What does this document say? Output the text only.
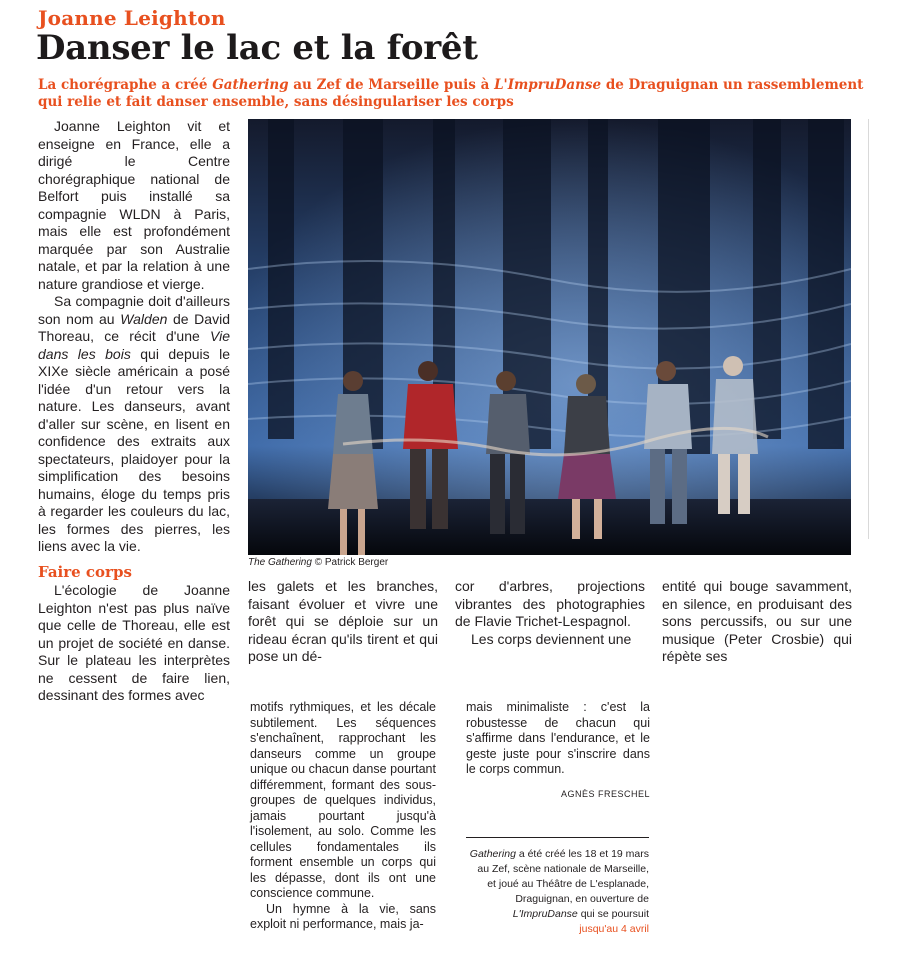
Joanne Leighton
Danser le lac et la forêt
La chorégraphe a créé Gathering au Zef de Marseille puis à L'ImpruDanse de Draguignan un rassemblement qui relie et fait danser ensemble, sans désingulariser les corps

Joanne Leighton vit et enseigne en France, elle a dirigé le Centre chorégraphique national de Belfort puis installé sa compagnie WLDN à Paris, mais elle est profondément marquée par son Australie natale, et par la relation à une nature grandiose et vierge.

Sa compagnie doit d'ailleurs son nom au Walden de David Thoreau, ce récit d'une Vie dans les bois qui depuis le XIXe siècle américain a posé l'idée d'un retour vers la nature. Les danseurs, avant d'aller sur scène, en lisent en confidence des extraits aux spectateurs, plaidoyer pour la simplification des besoins humains, éloge du temps pris à regarder les couleurs du lac, les formes des pierres, les liens avec la vie.

Faire corps

L'écologie de Joanne Leighton n'est pas plus naïve que celle de Thoreau, elle est un projet de société en danse. Sur le plateau les interprètes ne cessent de faire lien, dessinant des formes avec

The Gathering © Patrick Berger

les galets et les branches, faisant évoluer et vivre une forêt qui se déploie sur un rideau écran qu'ils tirent et qui pose un dé-

cor d'arbres, projections vibrantes des photographies de Flavie Trichet-Lespagnol.

Les corps deviennent une

entité qui bouge savamment, en silence, en produisant des sons percussifs, ou sur une musique (Peter Crosbie) qui répète ses

motifs rythmiques, et les décale subtilement. Les séquences s'enchaînent, rapprochant les danseurs comme un groupe unique ou chacun danse pourtant différemment, formant des sous-groupes de quelques individus, jamais pourtant jusqu'à l'isolement, au solo. Comme les cellules fondamentales ils forment ensemble un corps qui les dépasse, dont ils ont une conscience commune.

Un hymne à la vie, sans exploit ni performance, mais ja-

mais minimaliste : c'est la robustesse de chacun qui s'affirme dans l'endurance, et le geste juste pour s'inscrire dans le corps commun.

AGNÈS FRESCHEL
Gathering a été créé les 18 et 19 mars au Zef, scène nationale de Marseille, et joué au Théâtre de L'esplanade, Draguignan, en ouverture de L'ImpruDanse qui se poursuit
jusqu'au 4 avril
